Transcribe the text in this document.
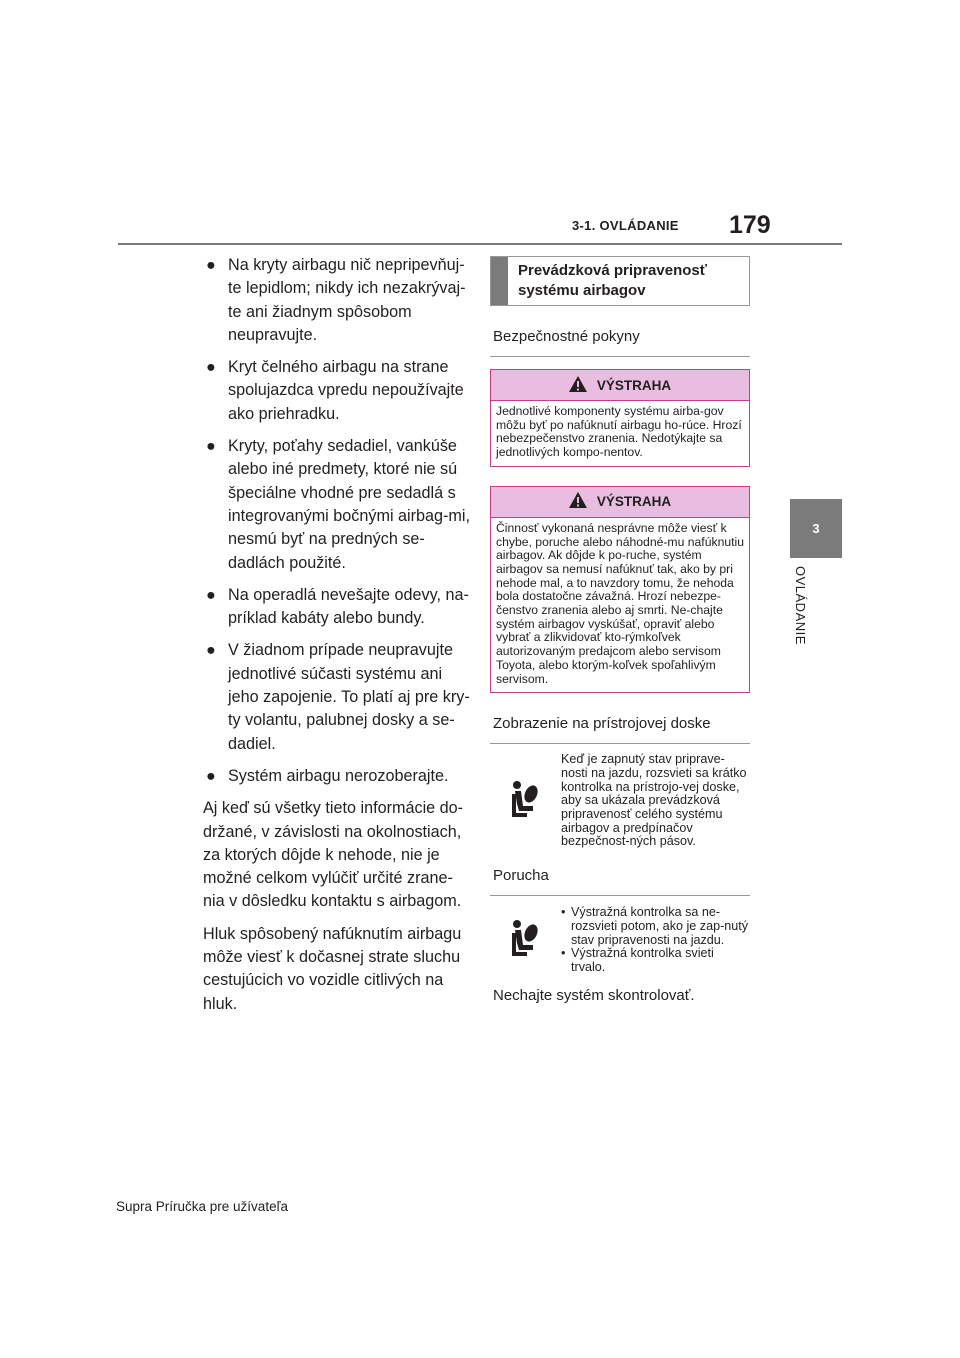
3-1. OVLÁDANIE 179
3
OVLÁDANIE
● Na kryty airbagu nič nepripevňuj-te lepidlom; nikdy ich nezakrývaj-te ani žiadnym spôsobom neupravujte.
● Kryt čelného airbagu na strane spolujazdca vpredu nepoužívajte ako priehradku.
● Kryty, poťahy sedadiel, vankúše alebo iné predmety, ktoré nie sú špeciálne vhodné pre sedadlá s integrovanými bočnými airbag-mi, nesmú byť na predných se-dadlách použité.
● Na operadlá nevešajte odevy, na-príklad kabáty alebo bundy.
● V žiadnom prípade neupravujte jednotlivé súčasti systému ani jeho zapojenie. To platí aj pre kry-ty volantu, palubnej dosky a se-dadiel.
● Systém airbagu nerozoberajte.

Aj keď sú všetky tieto informácie do-držané, v závislosti na okolnostiach, za ktorých dôjde k nehode, nie je možné celkom vylúčiť určité zrane-nia v dôsledku kontaktu s airbagom.

Hluk spôsobený nafúknutím airbagu môže viesť k dočasnej strate sluchu cestujúcich vo vozidle citlivých na hluk.

Prevádzková pripravenosť systému airbagov
Bezpečnostné pokyny
VÝSTRAHA
Jednotlivé komponenty systému airba-gov môžu byť po nafúknutí airbagu ho-rúce. Hrozí nebezpečenstvo zranenia. Nedotýkajte sa jednotlivých kompo-nentov.
VÝSTRAHA
Činnosť vykonaná nesprávne môže viesť k chybe, poruche alebo náhodné-mu nafúknutiu airbagov. Ak dôjde k po-ruche, systém airbagov sa nemusí nafúknuť tak, ako by pri nehode mal, a to navzdory tomu, že nehoda bola dostatočne závažná. Hrozí nebezpe-čenstvo zranenia alebo aj smrti. Ne-chajte systém airbagov vyskúšať, opraviť alebo vybrať a zlikvidovať kto-rýmkoľvek autorizovaným predajcom alebo servisom Toyota, alebo ktorým-koľvek spoľahlivým servisom.
Zobrazenie na prístrojovej doske
Keď je zapnutý stav priprave-nosti na jazdu, rozsvieti sa krátko kontrolka na prístrojo-vej doske, aby sa ukázala prevádzková pripravenosť celého systému airbagov a predpínačov bezpečnost-ných pásov.
Porucha
• Výstražná kontrolka sa ne-rozsvieti potom, ako je zap-nutý stav pripravenosti na jazdu.
• Výstražná kontrolka svieti trvalo.
Nechajte systém skontrolovať.
Supra Príručka pre užívateľa
